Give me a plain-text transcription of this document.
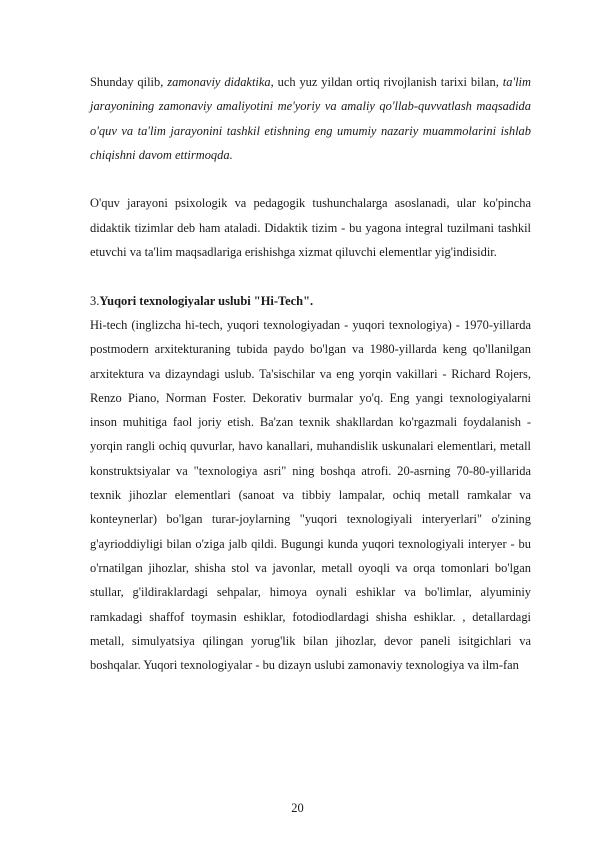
Shunday qilib, zamonaviy didaktika, uch yuz yildan ortiq rivojlanish tarixi bilan, ta'lim jarayonining zamonaviy amaliyotini me'yoriy va amaliy qo'llab-quvvatlash maqsadida o'quv va ta'lim jarayonini tashkil etishning eng umumiy nazariy muammolarini ishlab chiqishni davom ettirmoqda.

O'quv jarayoni psixologik va pedagogik tushunchalarga asoslanadi, ular ko'pincha didaktik tizimlar deb ham ataladi. Didaktik tizim - bu yagona integral tuzilmani tashkil etuvchi va ta'lim maqsadlariga erishishga xizmat qiluvchi elementlar yig'indisidir.

3.Yuqori texnologiyalar uslubi "Hi-Tech".

Hi-tech (inglizcha hi-tech, yuqori texnologiyadan - yuqori texnologiya) - 1970-yillarda postmodern arxitekturaning tubida paydo bo'lgan va 1980-yillarda keng qo'llanilgan arxitektura va dizayndagi uslub. Ta'sischilar va eng yorqin vakillari - Richard Rojers, Renzo Piano, Norman Foster. Dekorativ burmalar yo'q. Eng yangi texnologiyalarni inson muhitiga faol joriy etish. Ba'zan texnik shakllardan ko'rgazmali foydalanish - yorqin rangli ochiq quvurlar, havo kanallari, muhandislik uskunalari elementlari, metall konstruktsiyalar va "texnologiya asri" ning boshqa atrofi. 20-asrning 70-80-yillarida texnik jihozlar elementlari (sanoat va tibbiy lampalar, ochiq metall ramkalar va konteynerlar) bo'lgan turar-joylarning "yuqori texnologiyali interyerlari" o'zining g'ayrioddiyligi bilan o'ziga jalb qildi. Bugungi kunda yuqori texnologiyali interyer - bu o'rnatilgan jihozlar, shisha stol va javonlar, metall oyoqli va orqa tomonlari bo'lgan stullar, g'ildiraklardagi sehpalar, himoya oynali eshiklar va bo'limlar, alyuminiy ramkadagi shaffof toymasin eshiklar, fotodiodlardagi shisha eshiklar. , detallardagi metall, simulyatsiya qilingan yorug'lik bilan jihozlar, devor paneli isitgichlari va boshqalar. Yuqori texnologiyalar - bu dizayn uslubi zamonaviy texnologiya va ilm-fan

20
